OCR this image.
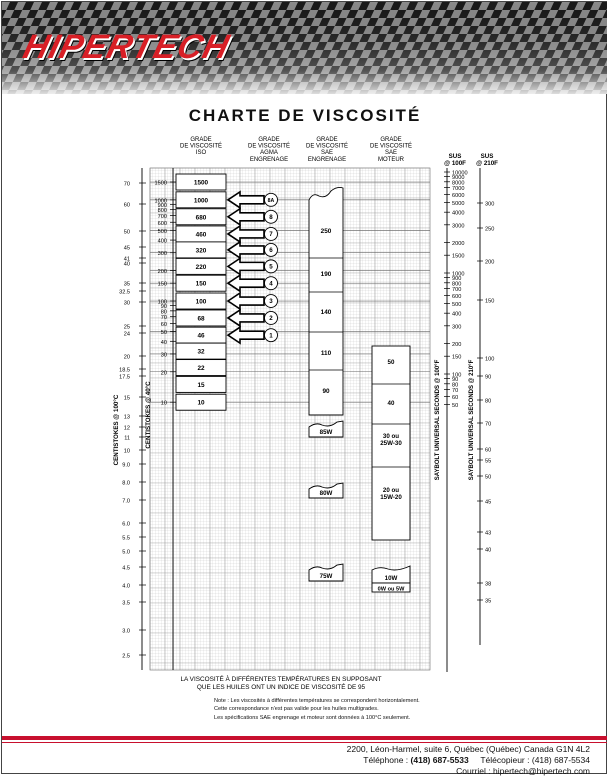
HIPERTECH
CHARTE DE VISCOSITÉ
70
60
50
45
41
40
35
32.5
30
25
24
20
18.5
17.5
15
13
12
11
10
9.0
8.0
7.0
6.0
5.5
5.0
4.5
4.0
3.5
3.0
2.5
1500
1000
900
800
700
600
500
400
300
200
150
100
90
80
70
60
50
40
30
20
10
10000
9000
8000
7000
6000
5000
4000
3000
2000
1500
1000
900
800
700
600
500
400
300
200
150
100
90
80
70
60
50
300
250
200
150
100
90
80
70
60
55
50
45
43
40
38
35
CENTISTOKES @ 100°C	CENTISTOKES @ 40°C	SAYBOLT UNIVERSAL SECONDS @ 100°F	SAYBOLT UNIVERSAL SECONDS @ 210°F
SUS @ 100F
SUS @ 210F
GRADE DE VISCOSITÉ ISO
GRADE DE VISCOSITÉ AGMA ENGRENAGE
GRADE DE VISCOSITÉ SAE ENGRENAGE
GRADE DE VISCOSITÉ SAE MOTEUR
LA VISCOSITÉ À DIFFÉRENTES TEMPÉRATURES EN SUPPOSANT QUE LES HUILES ONT UN INDICE DE VISCOSITÉ DE 95
1500
1000
680
460
320
220
150
100
68
46
32
22
15
10
8A
8
7
6
5
4
3
2
1
250
190
140
110
90
85W
80W
75W
50
40
30 ou 25W-30
20 ou 15W-20
10W
0W ou 5W
Note : Les viscosités à différentes températures se correspondent horizontalement.
Cette correspondance n'est pas valide pour les huiles multigrades.
Les spécifications SAE engrenage et moteur sont données à 100°C seulement.
2200, Léon-Harmel, suite 6, Québec (Québec) Canada G1N 4L2
Téléphone : (418) 687-5533 Télécopieur : (418) 687-5534
Courriel : hipertech@hipertech.com
